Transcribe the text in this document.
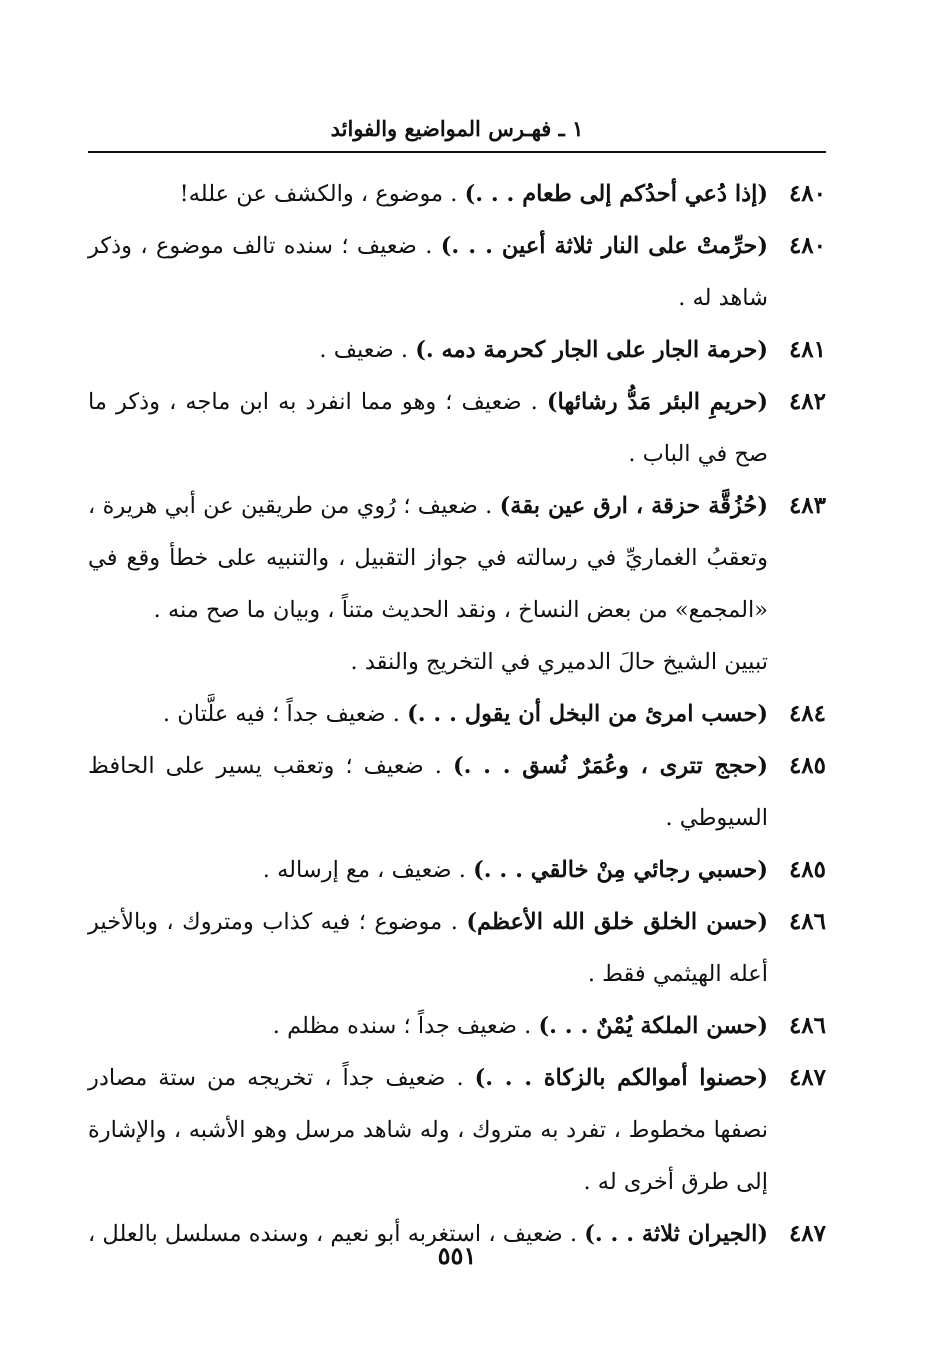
١ ـ فهـرس المواضيع والفوائد
٤٨٠
(إذا دُعي أحدُكم إلى طعام . . .) . موضوع ، والكشف عن علله!
٤٨٠
(حرِّمتْ على النار ثلاثة أعين . . .) . ضعيف ؛ سنده تالف موضوع ، وذكر شاهد له .
٤٨١
(حرمة الجار على الجار كحرمة دمه .) . ضعيف .
٤٨٢
(حريمِ البئر مَدُّ رشائها) . ضعيف ؛ وهو مما انفرد به ابن ماجه ، وذكر ما صح في الباب .
٤٨٣
(حُزُقَّة حزقة ، ارق عين بقة) . ضعيف ؛ رُوي من طريقين عن أبي هريرة ، وتعقبُ الغماريِّ في رسالته في جواز التقبيل ، والتنبيه على خطأ وقع في «المجمع» من بعض النساخ ، ونقد الحديث متناً ، وبيان ما صح منه .
تبيين الشيخ حالَ الدميري في التخريج والنقد .
٤٨٤
(حسب امرئ من البخل أن يقول . . .) . ضعيف جداً ؛ فيه علَّتان .
٤٨٥
(حجج تترى ، وعُمَرٌ نُسق . . .) . ضعيف ؛ وتعقب يسير على الحافظ السيوطي .
٤٨٥
(حسبي رجائي مِنْ خالقي . . .) . ضعيف ، مع إرساله .
٤٨٦
(حسن الخلق خلق الله الأعظم) . موضوع ؛ فيه كذاب ومتروك ، وبالأخير أعله الهيثمي فقط .
٤٨٦
(حسن الملكة يُمْنٌ . . .) . ضعيف جداً ؛ سنده مظلم .
٤٨٧
(حصنوا أموالكم بالزكاة . . .) . ضعيف جداً ، تخريجه من ستة مصادر نصفها مخطوط ، تفرد به متروك ، وله شاهد مرسل وهو الأشبه ، والإشارة إلى طرق أخرى له .
٤٨٧
(الجيران ثلاثة . . .) . ضعيف ، استغربه أبو نعيم ، وسنده مسلسل بالعلل ،
٥٥١
